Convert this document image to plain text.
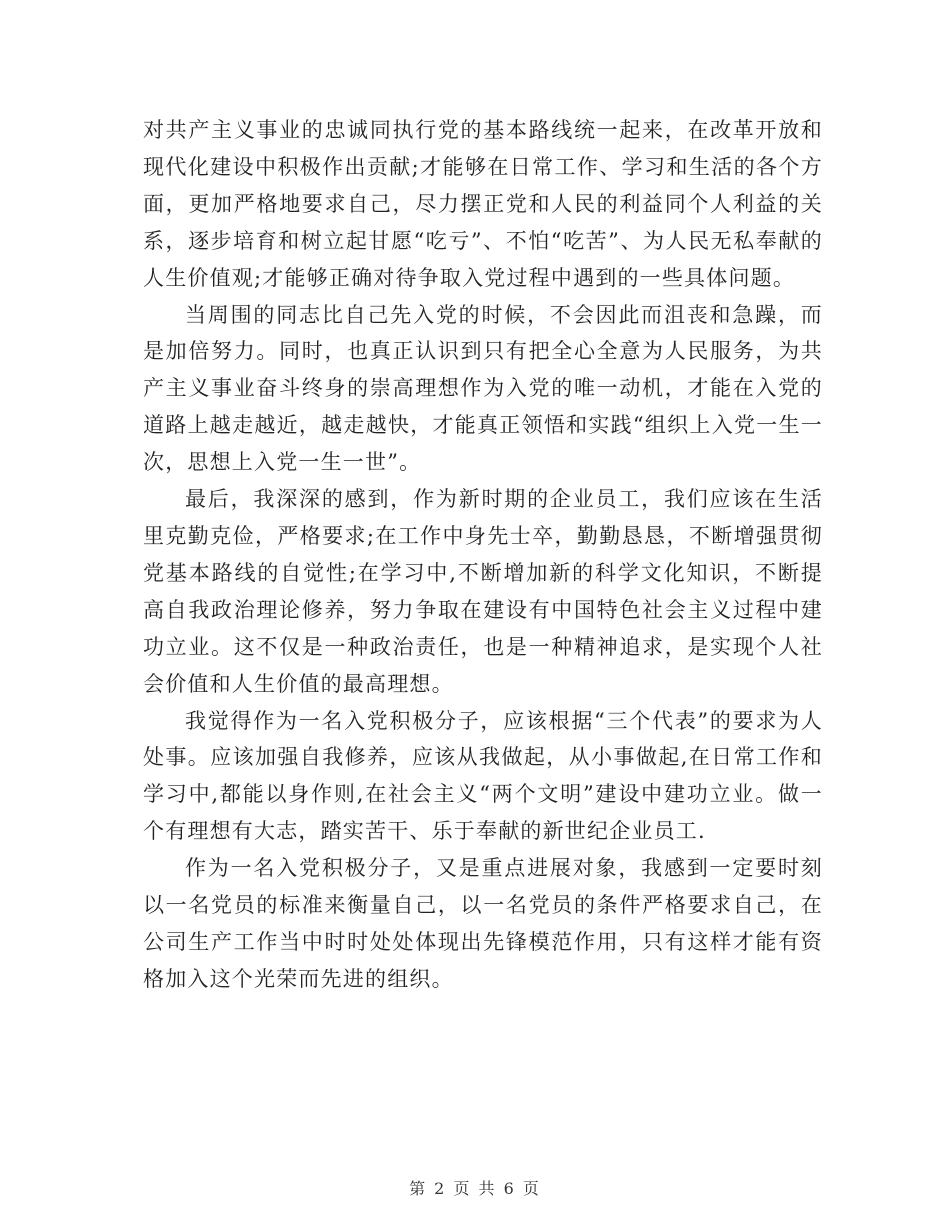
对共产主义事业的忠诚同执行党的基本路线统一起来，在改革开放和现代化建设中积极作出贡献;才能够在日常工作、学习和生活的各个方面，更加严格地要求自己，尽力摆正党和人民的利益同个人利益的关系，逐步培育和树立起甘愿“吃亏”、不怕“吃苦”、为人民无私奉献的人生价值观;才能够正确对待争取入党过程中遇到的一些具体问题。

当周围的同志比自己先入党的时候，不会因此而沮丧和急躁，而是加倍努力。同时，也真正认识到只有把全心全意为人民服务，为共产主义事业奋斗终身的崇高理想作为入党的唯一动机，才能在入党的道路上越走越近，越走越快，才能真正领悟和实践“组织上入党一生一次，思想上入党一生一世”。

最后，我深深的感到，作为新时期的企业员工，我们应该在生活里克勤克俭，严格要求;在工作中身先士卒，勤勤恳恳，不断增强贯彻党基本路线的自觉性;在学习中,不断增加新的科学文化知识，不断提高自我政治理论修养，努力争取在建设有中国特色社会主义过程中建功立业。这不仅是一种政治责任，也是一种精神追求，是实现个人社会价值和人生价值的最高理想。

我觉得作为一名入党积极分子，应该根据“三个代表”的要求为人处事。应该加强自我修养，应该从我做起，从小事做起,在日常工作和学习中,都能以身作则,在社会主义“两个文明”建设中建功立业。做一个有理想有大志，踏实苦干、乐于奉献的新世纪企业员工.

作为一名入党积极分子，又是重点进展对象，我感到一定要时刻以一名党员的标准来衡量自己，以一名党员的条件严格要求自己，在公司生产工作当中时时处处体现出先锋模范作用，只有这样才能有资格加入这个光荣而先进的组织。

第 2 页 共 6 页
